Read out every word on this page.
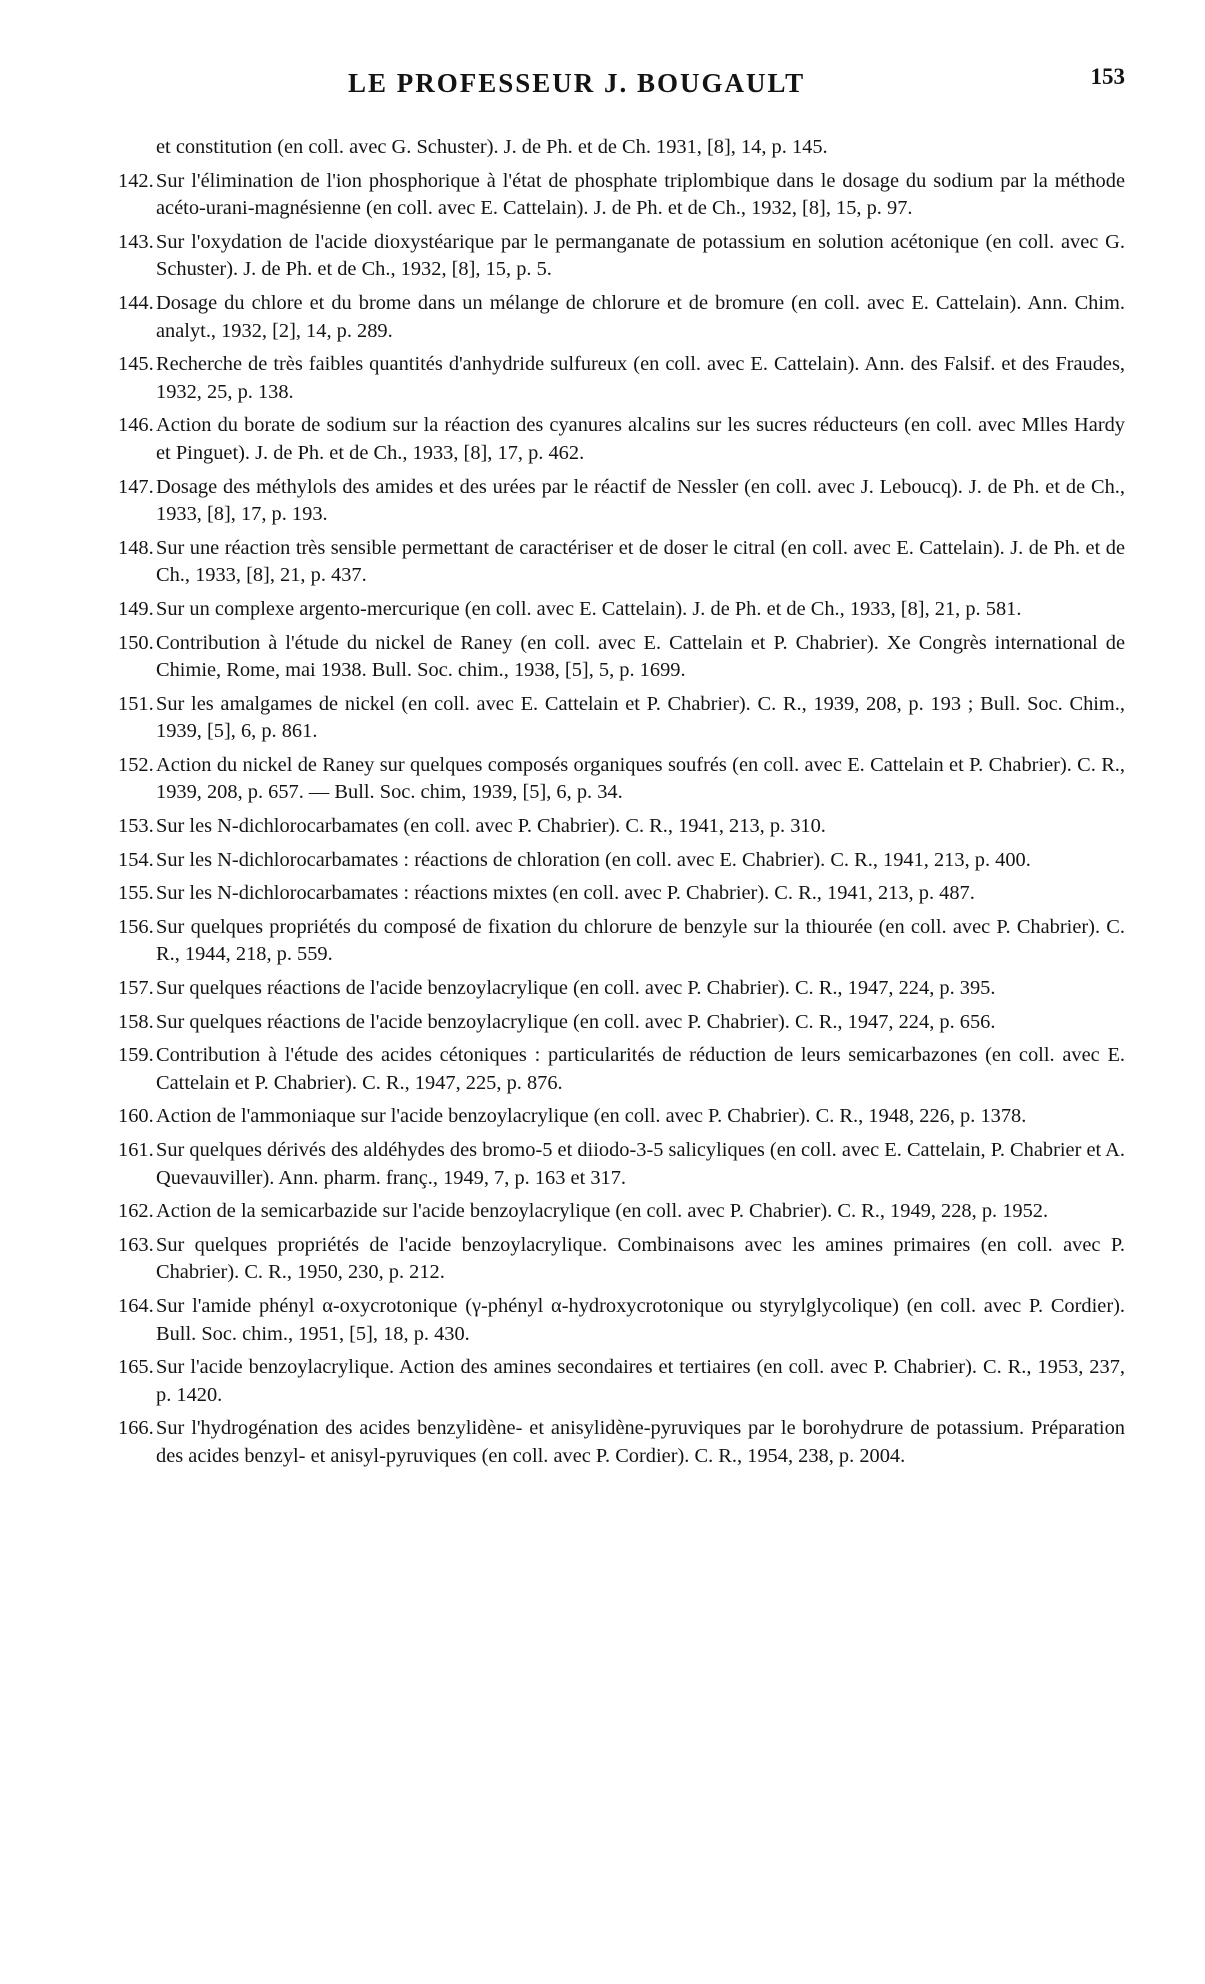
LE PROFESSEUR J. BOUGAULT	153
et constitution (en coll. avec G. Schuster). J. de Ph. et de Ch. 1931, [8], 14, p. 145.
142. Sur l'élimination de l'ion phosphorique à l'état de phosphate triplombique dans le dosage du sodium par la méthode acéto-urani-magnésienne (en coll. avec E. Cattelain). J. de Ph. et de Ch., 1932, [8], 15, p. 97.
143. Sur l'oxydation de l'acide dioxystéarique par le permanganate de potassium en solution acétonique (en coll. avec G. Schuster). J. de Ph. et de Ch., 1932, [8], 15, p. 5.
144. Dosage du chlore et du brome dans un mélange de chlorure et de bromure (en coll. avec E. Cattelain). Ann. Chim. analyt., 1932, [2], 14, p. 289.
145. Recherche de très faibles quantités d'anhydride sulfureux (en coll. avec E. Cattelain). Ann. des Falsif. et des Fraudes, 1932, 25, p. 138.
146. Action du borate de sodium sur la réaction des cyanures alcalins sur les sucres réducteurs (en coll. avec Mlles Hardy et Pinguet). J. de Ph. et de Ch., 1933, [8], 17, p. 462.
147. Dosage des méthylols des amides et des urées par le réactif de Nessler (en coll. avec J. Leboucq). J. de Ph. et de Ch., 1933, [8], 17, p. 193.
148. Sur une réaction très sensible permettant de caractériser et de doser le citral (en coll. avec E. Cattelain). J. de Ph. et de Ch., 1933, [8], 21, p. 437.
149. Sur un complexe argento-mercurique (en coll. avec E. Cattelain). J. de Ph. et de Ch., 1933, [8], 21, p. 581.
150. Contribution à l'étude du nickel de Raney (en coll. avec E. Cattelain et P. Chabrier). Xe Congrès international de Chimie, Rome, mai 1938. Bull. Soc. chim., 1938, [5], 5, p. 1699.
151. Sur les amalgames de nickel (en coll. avec E. Cattelain et P. Chabrier). C. R., 1939, 208, p. 193 ; Bull. Soc. Chim., 1939, [5], 6, p. 861.
152. Action du nickel de Raney sur quelques composés organiques soufrés (en coll. avec E. Cattelain et P. Chabrier). C. R., 1939, 208, p. 657. — Bull. Soc. chim, 1939, [5], 6, p. 34.
153. Sur les N-dichlorocarbamates (en coll. avec P. Chabrier). C. R., 1941, 213, p. 310.
154. Sur les N-dichlorocarbamates : réactions de chloration (en coll. avec E. Chabrier). C. R., 1941, 213, p. 400.
155. Sur les N-dichlorocarbamates : réactions mixtes (en coll. avec P. Chabrier). C. R., 1941, 213, p. 487.
156. Sur quelques propriétés du composé de fixation du chlorure de benzyle sur la thiourée (en coll. avec P. Chabrier). C. R., 1944, 218, p. 559.
157. Sur quelques réactions de l'acide benzoylacrylique (en coll. avec P. Chabrier). C. R., 1947, 224, p. 395.
158. Sur quelques réactions de l'acide benzoylacrylique (en coll. avec P. Chabrier). C. R., 1947, 224, p. 656.
159. Contribution à l'étude des acides cétoniques : particularités de réduction de leurs semicarbazones (en coll. avec E. Cattelain et P. Chabrier). C. R., 1947, 225, p. 876.
160. Action de l'ammoniaque sur l'acide benzoylacrylique (en coll. avec P. Chabrier). C. R., 1948, 226, p. 1378.
161. Sur quelques dérivés des aldéhydes des bromo-5 et diiodo-3-5 salicyliques (en coll. avec E. Cattelain, P. Chabrier et A. Quevauviller). Ann. pharm. franç., 1949, 7, p. 163 et 317.
162. Action de la semicarbazide sur l'acide benzoylacrylique (en coll. avec P. Chabrier). C. R., 1949, 228, p. 1952.
163. Sur quelques propriétés de l'acide benzoylacrylique. Combinaisons avec les amines primaires (en coll. avec P. Chabrier). C. R., 1950, 230, p. 212.
164. Sur l'amide phényl α-oxycrotonique (γ-phényl α-hydroxycrotonique ou styrylglycolique) (en coll. avec P. Cordier). Bull. Soc. chim., 1951, [5], 18, p. 430.
165. Sur l'acide benzoylacrylique. Action des amines secondaires et tertiaires (en coll. avec P. Chabrier). C. R., 1953, 237, p. 1420.
166. Sur l'hydrogénation des acides benzylidène- et anisylidène-pyruviques par le borohydrure de potassium. Préparation des acides benzyl- et anisyl-pyruviques (en coll. avec P. Cordier). C. R., 1954, 238, p. 2004.
